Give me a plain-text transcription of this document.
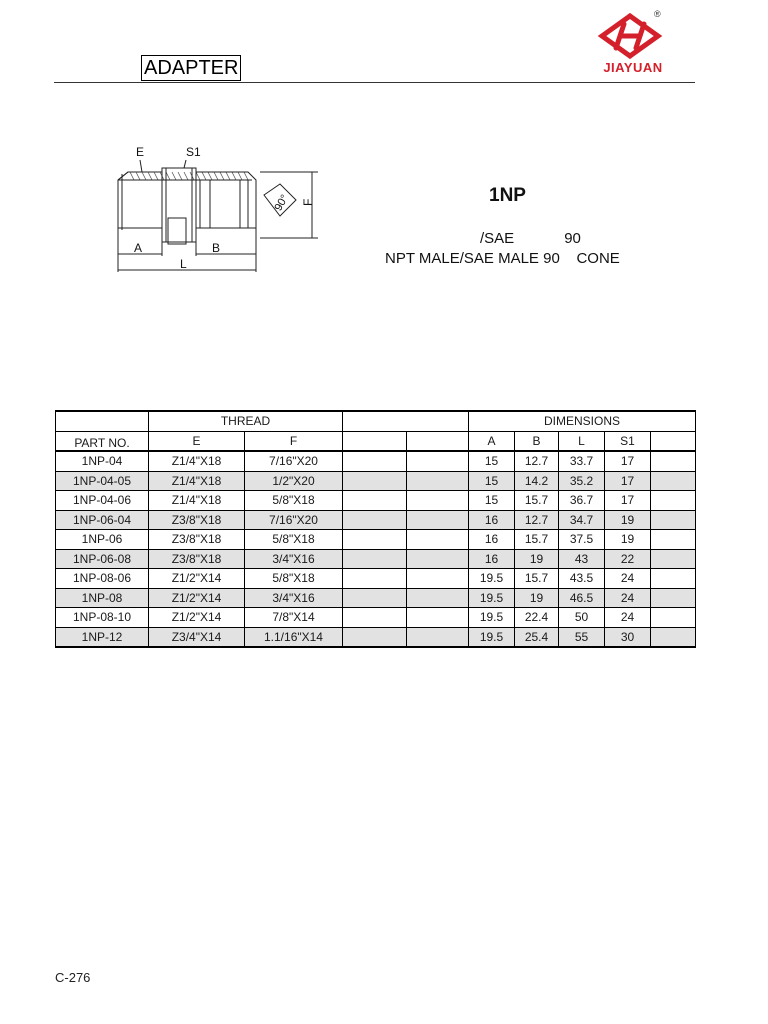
ADAPTER
®
JIAYUAN
E	S1
A	B
L
F
90°	1NP
/SAE            90
NPT MALE/SAE MALE 90    CONE
	THREAD				DIMENSIONS				
PART NO.	E	F			A	B	L	S1	
1NP-04	Z1/4"X18	7/16"X20			15	12.7	33.7	17	
1NP-04-05	Z1/4"X18	1/2"X20			15	14.2	35.2	17	
1NP-04-06	Z1/4"X18	5/8"X18			15	15.7	36.7	17	
1NP-06-04	Z3/8"X18	7/16"X20			16	12.7	34.7	19	
1NP-06	Z3/8"X18	5/8"X18			16	15.7	37.5	19	
1NP-06-08	Z3/8"X18	3/4"X16			16	19	43	22	
1NP-08-06	Z1/2"X14	5/8"X18			19.5	15.7	43.5	24	
1NP-08	Z1/2"X14	3/4"X16			19.5	19	46.5	24	
1NP-08-10	Z1/2"X14	7/8"X14			19.5	22.4	50	24	
1NP-12	Z3/4"X14	1.1/16"X14			19.5	25.4	55	30	
C-276
